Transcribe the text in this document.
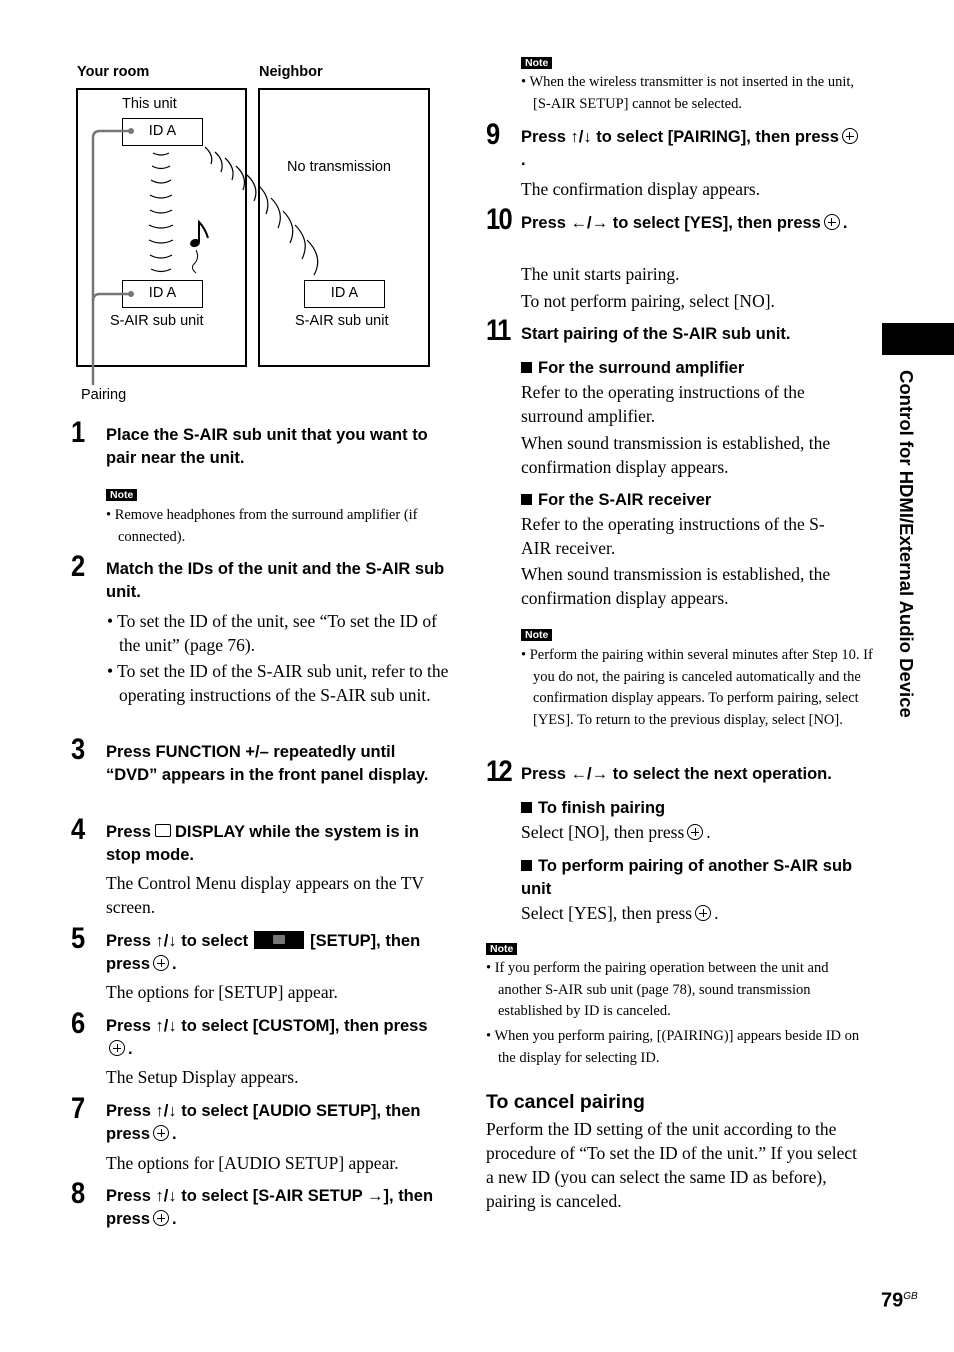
Your room	Neighbor
This unit
ID A
ID A
S-AIR sub unit
No transmission
ID A
S-AIR sub unit
Pairing
1 Place the S-AIR sub unit that you want to pair near the unit.
Note
• Remove headphones from the surround amplifier (if connected).
2 Match the IDs of the unit and the S-AIR sub unit.
• To set the ID of the unit, see “To set the ID of the unit” (page 76).
• To set the ID of the S-AIR sub unit, refer to the operating instructions of the S-AIR sub unit.
3 Press FUNCTION +/– repeatedly until “DVD” appears in the front panel display.
4 Press DISPLAY while the system is in stop mode.
The Control Menu display appears on the TV screen.
5 Press ↑/↓ to select	[SETUP], then press .
The options for [SETUP] appear.
6 Press ↑/↓ to select [CUSTOM], then press.
The Setup Display appears.
7 Press ↑/↓ to select [AUDIO SETUP], then press .
The options for [AUDIO SETUP] appear.
8 Press ↑/↓ to select [S-AIR SETUP →], then press .
Note
• When the wireless transmitter is not inserted in the unit, [S-AIR SETUP] cannot be selected.
9 Press ↑/↓ to select [PAIRING], then press.
The confirmation display appears.
10 Press ←/→ to select [YES], then press .
The unit starts pairing.
To not perform pairing, select [NO].
11 Start pairing of the S-AIR sub unit.
For the surround amplifier
Refer to the operating instructions of the surround amplifier.
When sound transmission is established, the confirmation display appears.
For the S-AIR receiver
Refer to the operating instructions of the S-AIR receiver.
When sound transmission is established, the confirmation display appears.
Note
• Perform the pairing within several minutes after Step 10. If you do not, the pairing is canceled automatically and the confirmation display appears. To perform pairing, select [YES]. To return to the previous display, select [NO].
12 Press ←/→ to select the next operation.
To finish pairing
Select [NO], then press .
To perform pairing of another S-AIR sub unit
Select [YES], then press .
Note
• If you perform the pairing operation between the unit and another S-AIR sub unit (page 78), sound transmission established by ID is canceled.
• When you perform pairing, [(PAIRING)] appears beside ID on the display for selecting ID.
To cancel pairing
Perform the ID setting of the unit according to the procedure of “To set the ID of the unit.” If you select a new ID (you can select the same ID as before), pairing is canceled.
Control for HDMI/External Audio Device
$79^{GB}$
